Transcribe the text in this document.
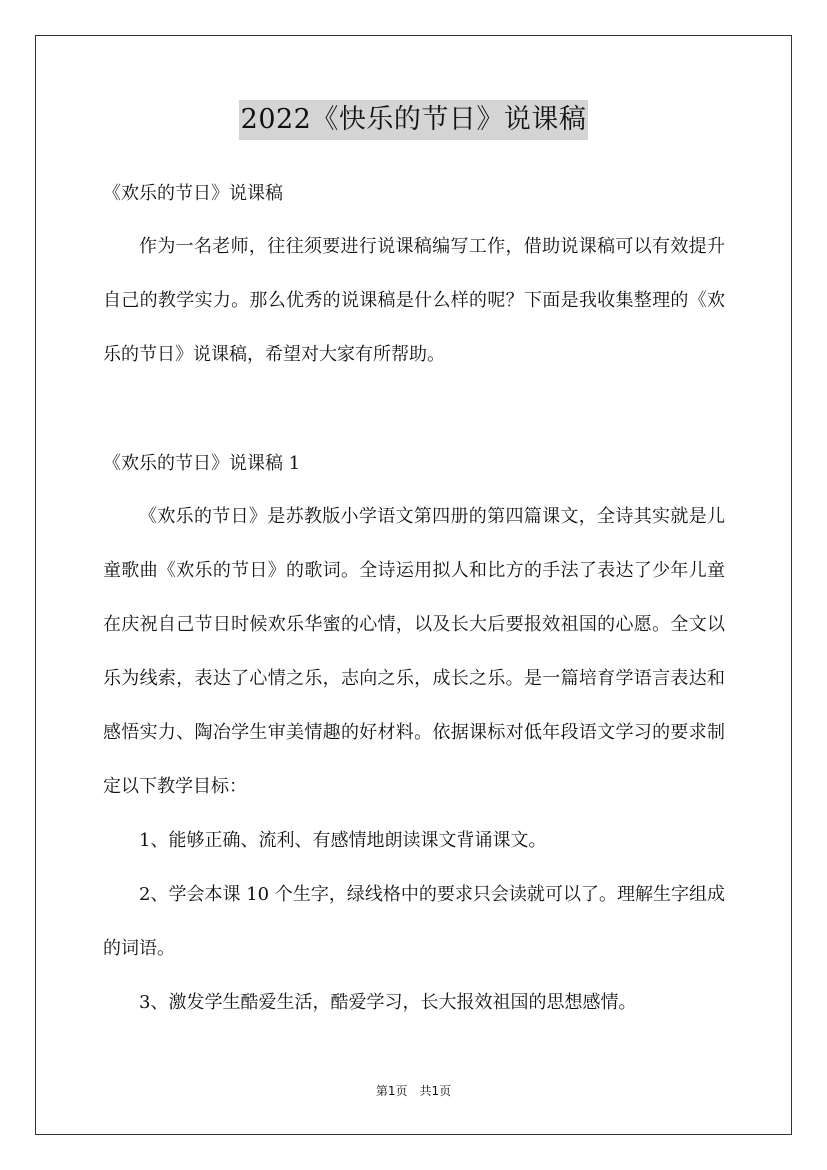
2022《快乐的节日》说课稿
《欢乐的节日》说课稿

作为一名老师，往往须要进行说课稿编写工作，借助说课稿可以有效提升自己的教学实力。那么优秀的说课稿是什么样的呢？下面是我收集整理的《欢乐的节日》说课稿，希望对大家有所帮助。

《欢乐的节日》说课稿 1

《欢乐的节日》是苏教版小学语文第四册的第四篇课文，全诗其实就是儿童歌曲《欢乐的节日》的歌词。全诗运用拟人和比方的手法了表达了少年儿童在庆祝自己节日时候欢乐华蜜的心情，以及长大后要报效祖国的心愿。全文以乐为线索，表达了心情之乐，志向之乐，成长之乐。是一篇培育学语言表达和感悟实力、陶冶学生审美情趣的好材料。依据课标对低年段语文学习的要求制定以下教学目标：

1、能够正确、流利、有感情地朗读课文背诵课文。

2、学会本课 10 个生字，绿线格中的要求只会读就可以了。理解生字组成的词语。

3、激发学生酷爱生活，酷爱学习，长大报效祖国的思想感情。

第1页 共1页
